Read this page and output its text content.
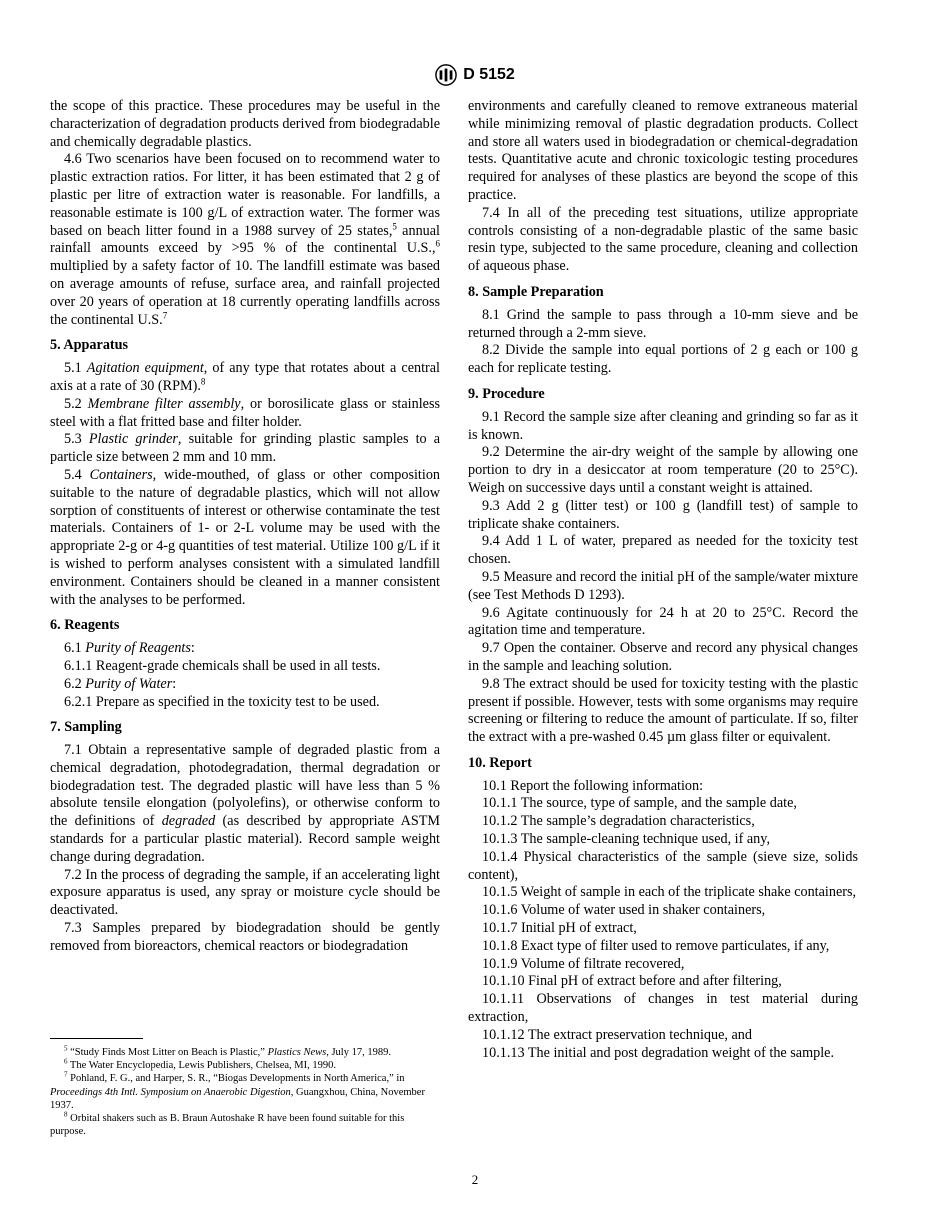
D 5152

the scope of this practice. These procedures may be useful in the characterization of degradation products derived from biodegradable and chemically degradable plastics.

4.6 Two scenarios have been focused on to recommend water to plastic extraction ratios. For litter, it has been estimated that 2 g of plastic per litre of extraction water is reasonable. For landfills, a reasonable estimate is 100 g/L of extraction water. The former was based on beach litter found in a 1988 survey of 25 states,$^5$ annual rainfall amounts exceed by >95 % of the continental U.S.,$^6$ multiplied by a safety factor of 10. The landfill estimate was based on average amounts of refuse, surface area, and rainfall projected over 20 years of operation at 18 currently operating landfills across the continental U.S.$^7$

5. Apparatus

5.1 Agitation equipment, of any type that rotates about a central axis at a rate of 30 (RPM).$^8$

5.2 Membrane filter assembly, or borosilicate glass or stainless steel with a flat fritted base and filter holder.

5.3 Plastic grinder, suitable for grinding plastic samples to a particle size between 2 mm and 10 mm.

5.4 Containers, wide-mouthed, of glass or other composition suitable to the nature of degradable plastics, which will not allow sorption of constituents of interest or otherwise contaminate the test materials. Containers of 1- or 2-L volume may be used with the appropriate 2-g or 4-g quantities of test material. Utilize 100 g/L if it is wished to perform analyses consistent with a simulated landfill environment. Containers should be cleaned in a manner consistent with the analyses to be performed.

6. Reagents

6.1 Purity of Reagents:

6.1.1 Reagent-grade chemicals shall be used in all tests.

6.2 Purity of Water:

6.2.1 Prepare as specified in the toxicity test to be used.

7. Sampling

7.1 Obtain a representative sample of degraded plastic from a chemical degradation, photodegradation, thermal degradation or biodegradation test. The degraded plastic will have less than 5 % absolute tensile elongation (polyolefins), or otherwise conform to the definitions of degraded (as described by appropriate ASTM standards for a particular plastic material). Record sample weight change during degradation.

7.2 In the process of degrading the sample, if an accelerating light exposure apparatus is used, any spray or moisture cycle should be deactivated.

7.3 Samples prepared by biodegradation should be gently removed from bioreactors, chemical reactors or biodegradation

environments and carefully cleaned to remove extraneous material while minimizing removal of plastic degradation products. Collect and store all waters used in biodegradation or chemical-degradation tests. Quantitative acute and chronic toxicologic testing procedures required for analyses of these plastics are beyond the scope of this practice.

7.4 In all of the preceding test situations, utilize appropriate controls consisting of a non-degradable plastic of the same basic resin type, subjected to the same procedure, cleaning and collection of aqueous phase.

8. Sample Preparation

8.1 Grind the sample to pass through a 10-mm sieve and be returned through a 2-mm sieve.

8.2 Divide the sample into equal portions of 2 g each or 100 g each for replicate testing.

9. Procedure

9.1 Record the sample size after cleaning and grinding so far as it is known.

9.2 Determine the air-dry weight of the sample by allowing one portion to dry in a desiccator at room temperature (20 to 25°C). Weigh on successive days until a constant weight is attained.

9.3 Add 2 g (litter test) or 100 g (landfill test) of sample to triplicate shake containers.

9.4 Add 1 L of water, prepared as needed for the toxicity test chosen.

9.5 Measure and record the initial pH of the sample/water mixture (see Test Methods D 1293).

9.6 Agitate continuously for 24 h at 20 to 25°C. Record the agitation time and temperature.

9.7 Open the container. Observe and record any physical changes in the sample and leaching solution.

9.8 The extract should be used for toxicity testing with the plastic present if possible. However, tests with some organisms may require screening or filtering to reduce the amount of particulate. If so, filter the extract with a pre-washed 0.45 µm glass filter or equivalent.

10. Report

10.1 Report the following information:

10.1.1 The source, type of sample, and the sample date,

10.1.2 The sample’s degradation characteristics,

10.1.3 The sample-cleaning technique used, if any,

10.1.4 Physical characteristics of the sample (sieve size, solids content),

10.1.5 Weight of sample in each of the triplicate shake containers,

10.1.6 Volume of water used in shaker containers,

10.1.7 Initial pH of extract,

10.1.8 Exact type of filter used to remove particulates, if any,

10.1.9 Volume of filtrate recovered,

10.1.10 Final pH of extract before and after filtering,

10.1.11 Observations of changes in test material during extraction,

10.1.12 The extract preservation technique, and

10.1.13 The initial and post degradation weight of the sample.

$^5$ “Study Finds Most Litter on Beach is Plastic,” Plastics News, July 17, 1989.

$^6$ The Water Encyclopedia, Lewis Publishers, Chelsea, MI, 1990.

$^7$ Pohland, F. G., and Harper, S. R., “Biogas Developments in North America,” in Proceedings 4th Intl. Symposium on Anaerobic Digestion, Guangxhou, China, November 1937.

$^8$ Orbital shakers such as B. Braun Autoshake R have been found suitable for this purpose.

2
